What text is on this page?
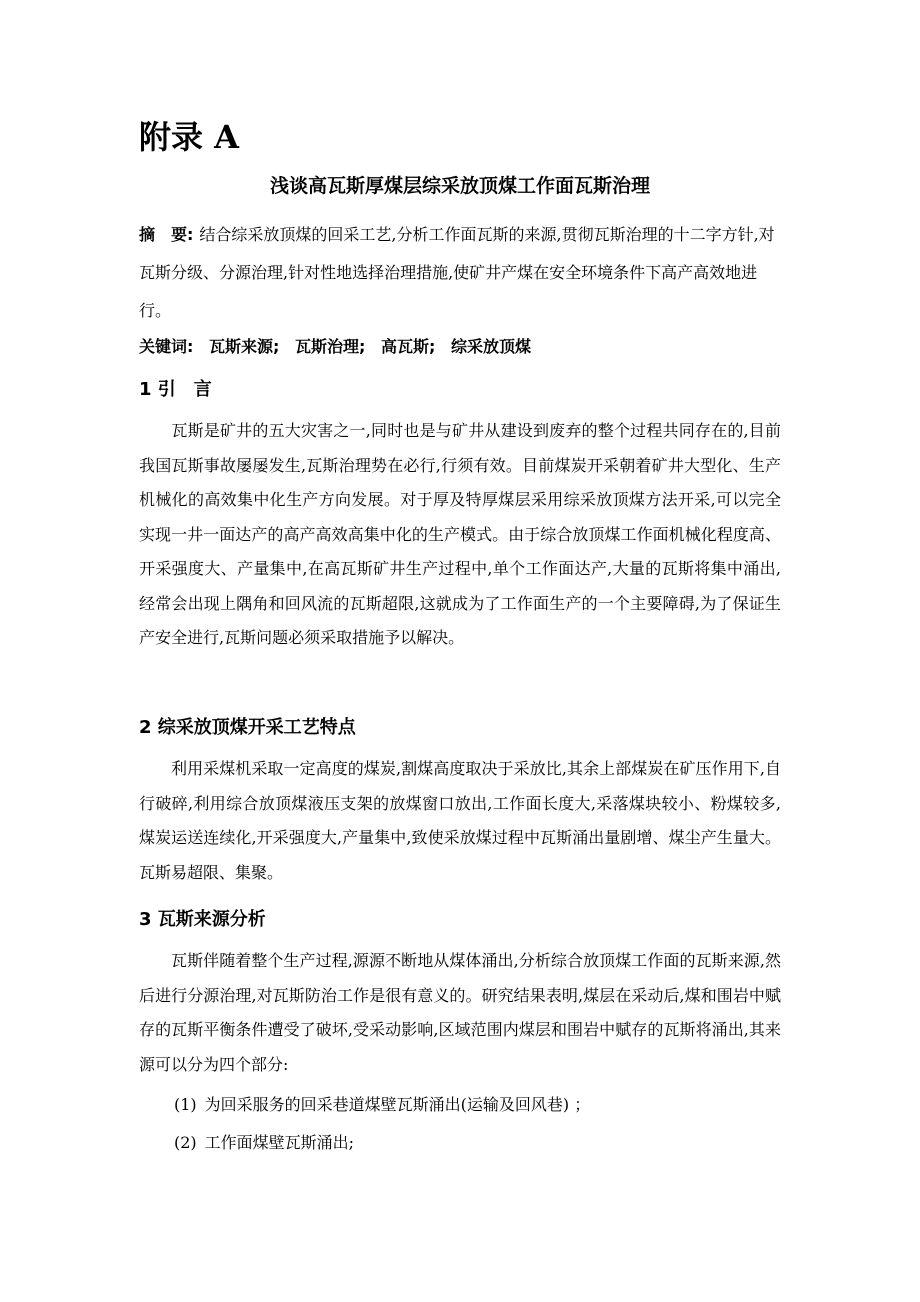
附录 A
浅谈高瓦斯厚煤层综采放顶煤工作面瓦斯治理

摘　要: 结合综采放顶煤的回采工艺,分析工作面瓦斯的来源,贯彻瓦斯治理的十二字方针,对瓦斯分级、分源治理,针对性地选择治理措施,使矿井产煤在安全环境条件下高产高效地进行。

关键词: 瓦斯来源; 瓦斯治理; 高瓦斯; 综采放顶煤

1 引　言

　　瓦斯是矿井的五大灾害之一,同时也是与矿井从建设到废弃的整个过程共同存在的,目前我国瓦斯事故屡屡发生,瓦斯治理势在必行,行须有效。目前煤炭开采朝着矿井大型化、生产机械化的高效集中化生产方向发展。对于厚及特厚煤层采用综采放顶煤方法开采,可以完全实现一井一面达产的高产高效高集中化的生产模式。由于综合放顶煤工作面机械化程度高、开采强度大、产量集中,在高瓦斯矿井生产过程中,单个工作面达产,大量的瓦斯将集中涌出,经常会出现上隅角和回风流的瓦斯超限,这就成为了工作面生产的一个主要障碍,为了保证生产安全进行,瓦斯问题必须采取措施予以解决。

2 综采放顶煤开采工艺特点

利用采煤机采取一定高度的煤炭,割煤高度取决于采放比,其余上部煤炭在矿压作用下,自行破碎,利用综合放顶煤液压支架的放煤窗口放出,工作面长度大,采落煤块较小、粉煤较多,煤炭运送连续化,开采强度大,产量集中,致使采放煤过程中瓦斯涌出量剧增、煤尘产生量大。瓦斯易超限、集聚。

3 瓦斯来源分析

瓦斯伴随着整个生产过程,源源不断地从煤体涌出,分析综合放顶煤工作面的瓦斯来源,然后进行分源治理,对瓦斯防治工作是很有意义的。研究结果表明,煤层在采动后,煤和围岩中赋存的瓦斯平衡条件遭受了破坏,受采动影响,区域范围内煤层和围岩中赋存的瓦斯将涌出,其来源可以分为四个部分:

(1) 为回采服务的回采巷道煤壁瓦斯涌出(运输及回风巷) ；

(2) 工作面煤壁瓦斯涌出;
